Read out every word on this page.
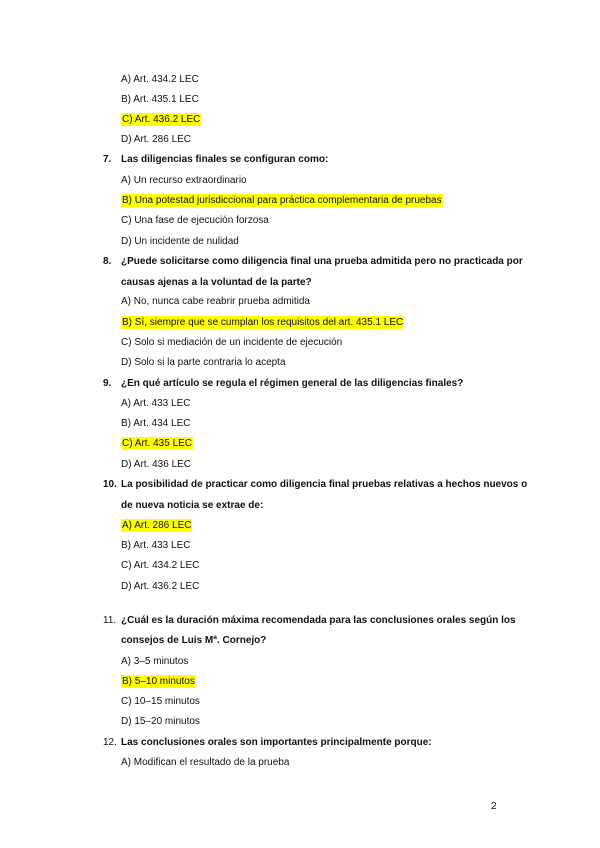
A) Art. 434.2 LEC
B) Art. 435.1 LEC
C) Art. 436.2 LEC
D) Art. 286 LEC
7. Las diligencias finales se configuran como:
A) Un recurso extraordinario
B) Una potestad jurisdiccional para práctica complementaria de pruebas
C) Una fase de ejecución forzosa
D) Un incidente de nulidad
8. ¿Puede solicitarse como diligencia final una prueba admitida pero no practicada por
causas ajenas a la voluntad de la parte?
A) No, nunca cabe reabrir prueba admitida
B) Sí, siempre que se cumplan los requisitos del art. 435.1 LEC
C) Solo si mediación de un incidente de ejecución
D) Solo si la parte contraria lo acepta
9. ¿En qué artículo se regula el régimen general de las diligencias finales?
A) Art. 433 LEC
B) Art. 434 LEC
C) Art. 435 LEC
D) Art. 436 LEC
10. La posibilidad de practicar como diligencia final pruebas relativas a hechos nuevos o
de nueva noticia se extrae de:
A) Art. 286 LEC
B) Art. 433 LEC
C) Art. 434.2 LEC
D) Art. 436.2 LEC
11. ¿Cuál es la duración máxima recomendada para las conclusiones orales según los
consejos de Luis Mª. Cornejo?
A) 3–5 minutos
B) 5–10 minutos
C) 10–15 minutos
D) 15–20 minutos
12. Las conclusiones orales son importantes principalmente porque:
A) Modifican el resultado de la prueba
2
